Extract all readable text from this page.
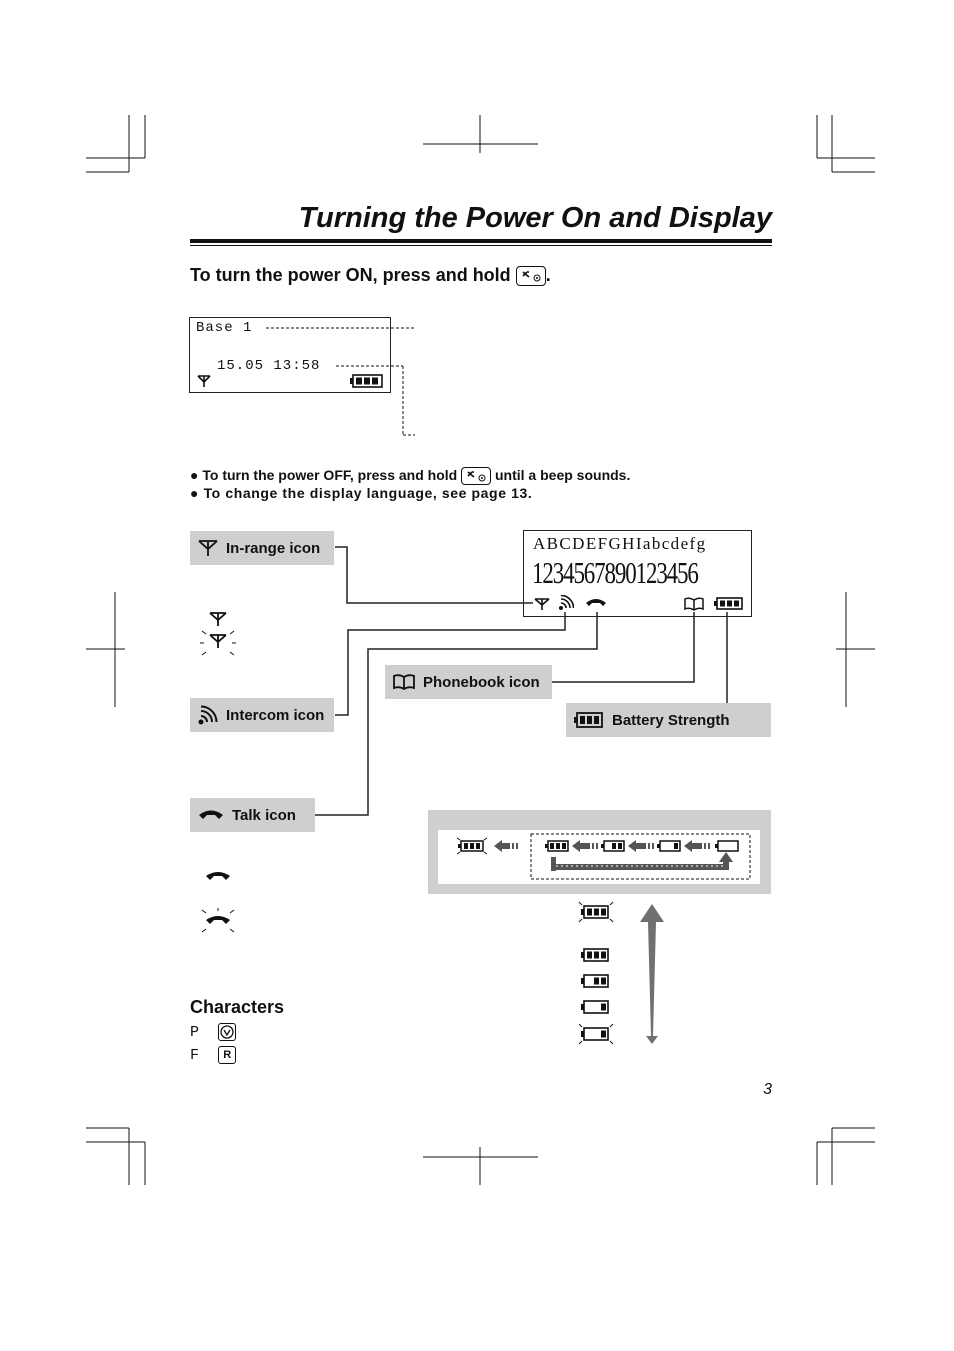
Turning the Power On and Display
To turn the power ON, press and hold .
Base 1
15.05 13:58
● To turn the power OFF, press and hold	until a beep sounds.
● To change the display language, see page 13.
ABCDEFGHIabcdefg
1234567890123456
In-range icon
Intercom icon
Phonebook icon
Battery Strength
Talk icon
Characters
P
F R
3
